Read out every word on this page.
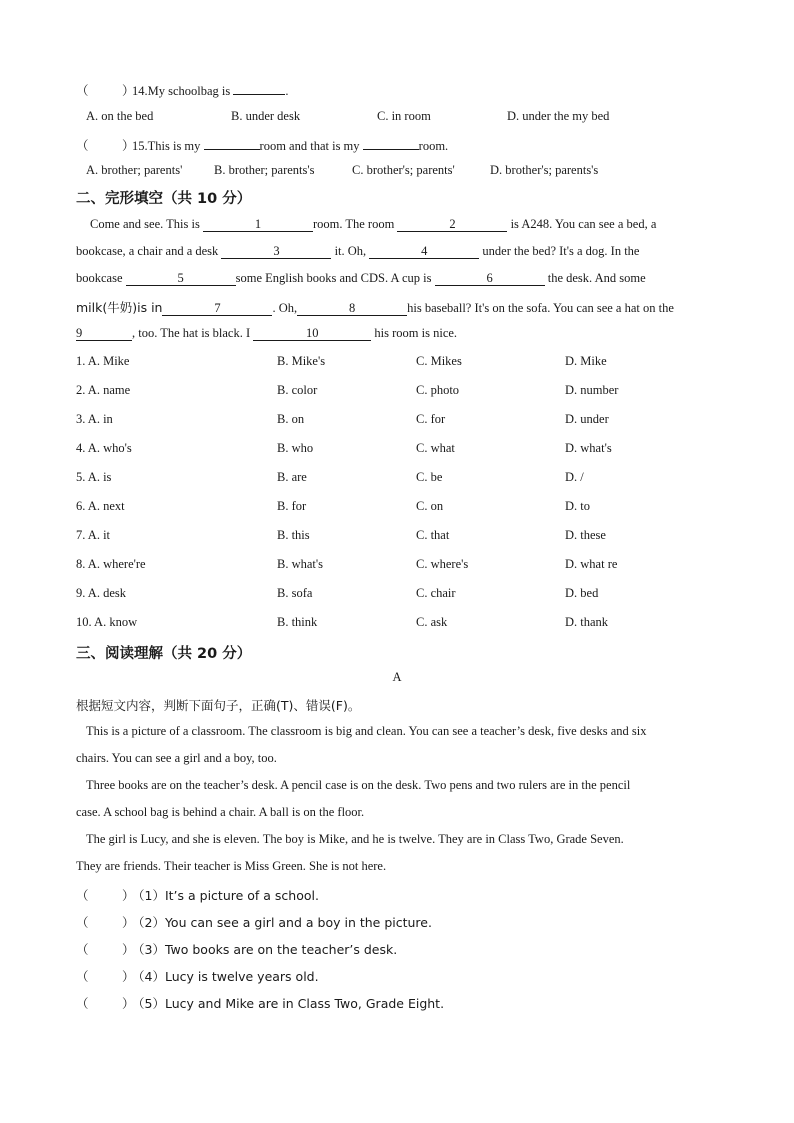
（	）14.My schoolbag is	.
A. on the bed	B. under desk	C. in room	D. under the my bed
（	）15.This is my	room and that is my	room.
A. brother; parents'	B. brother; parents's	C. brother's; parents'	D. brother's; parents's
二、完形填空（共 10 分）
Come and see. This is	1	room. The room	2	is A248. You can see a bed, a
bookcase, a chair and a desk	3	it. Oh,	4	under the bed? It's a dog. In the
bookcase	5	some English books and CDS. A cup is	6	the desk. And some
milk(牛奶)is in	7	. Oh,	8	his baseball? It's on the sofa. You can see a hat on the
9	, too. The hat is black. I	10	his room is nice.
1. A. Mike	B. Mike's	C. Mikes	D. Mike
2. A. name	B. color	C. photo	D. number
3. A. in	B. on	C. for	D. under
4. A. who's	B. who	C. what	D. what's
5. A. is	B. are	C. be	D. /
6. A. next	B. for	C. on	D. to
7. A. it	B. this	C. that	D. these
8. A. where're	B. what's	C. where's	D. what re
9. A. desk	B. sofa	C. chair	D. bed
10. A. know	B. think	C. ask	D. thank
三、阅读理解（共 20 分）
A
根据短文内容，判断下面句子，正确(T)、错误(F)。
This is a picture of a classroom. The classroom is big and clean. You can see a teacher’s desk, five desks and six
chairs. You can see a girl and a boy, too.
Three books are on the teacher’s desk. A pencil case is on the desk. Two pens and two rulers are in the pencil
case. A school bag is behind a chair. A ball is on the floor.
The girl is Lucy, and she is eleven. The boy is Mike, and he is twelve. They are in Class Two, Grade Seven.
They are friends. Their teacher is Miss Green. She is not here.
（	）（1）It’s a picture of a school.
（	）（2）You can see a girl and a boy in the picture.
（	）（3）Two books are on the teacher’s desk.
（	）（4）Lucy is twelve years old.
（	）（5）Lucy and Mike are in Class Two, Grade Eight.
